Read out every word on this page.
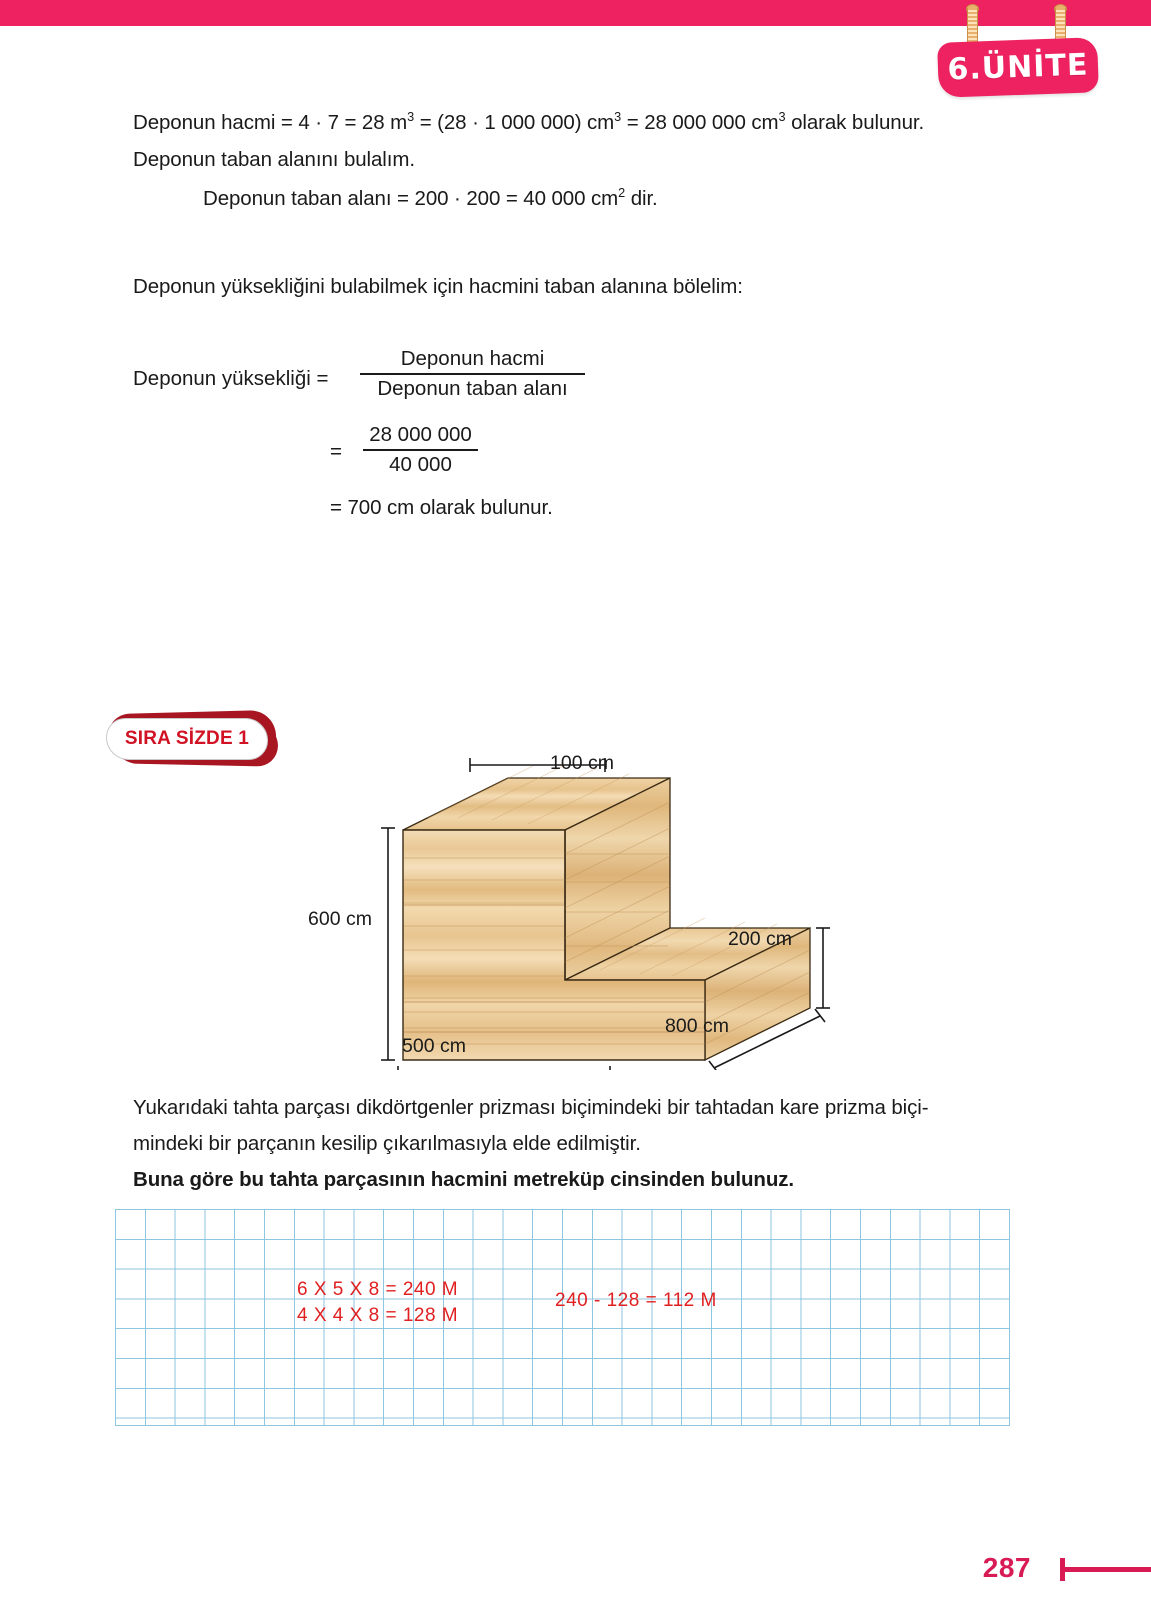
6.ÜNİTE
Deponun hacmi = 4 · 7 = 28 $m^3 = (28 \cdot 1$ 000 000) $cm^3 = 28$ 000 000 $cm^3$ olarak bulunur.
Deponun taban alanını bulalım.
Deponun taban alanı = 200 · 200 = 40 000 $cm^2$ dir.
Deponun yüksekliğini bulabilmek için hacmini taban alanına bölelim:
Deponun yüksekliği =
Deponun hacmi
Deponun taban alanı
=
28 000 000
40 000
= 700 cm olarak bulunur.
Yukarıdaki tahta parçası dikdörtgenler prizması biçimindeki bir tahtadan kare prizma biçi-
mindeki bir parçanın kesilip çıkarılmasıyla elde edilmiştir.
Buna göre bu tahta parçasının hacmini metreküp cinsinden bulunuz.
SIRA SİZDE 1
100 cm
600 cm
200 cm
500 cm
800 cm
6 X 5 X 8 = 240 M
4 X 4 X 8 = 128 M
240 - 128 = 112 M
287
